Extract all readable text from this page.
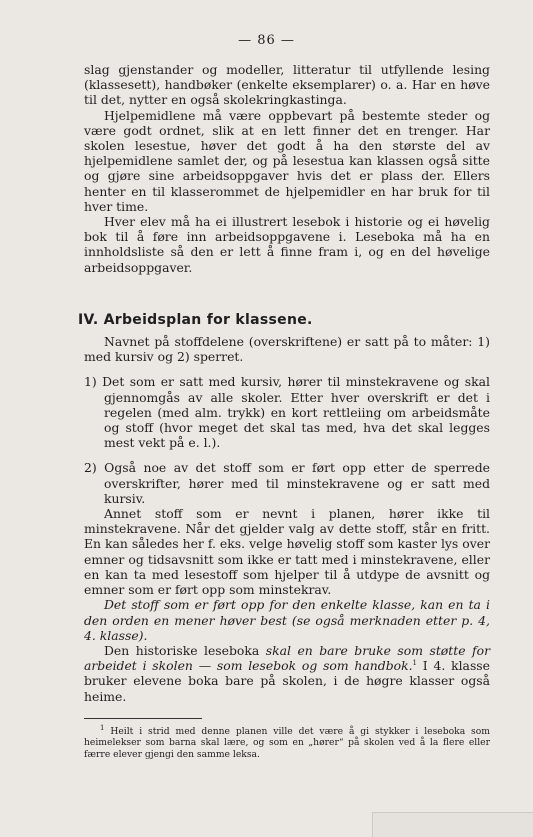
— 86 —

slag gjenstander og modeller, litteratur til utfyllende lesing (klassesett), handbøker (enkelte eksemplarer) o. a. Har en høve til det, nytter en også skolekringkastinga.

Hjelpemidlene må være oppbevart på bestemte steder og være godt ordnet, slik at en lett finner det en trenger. Har skolen lesestue, høver det godt å ha den største del av hjelpemidlene samlet der, og på lesestua kan klassen også sitte og gjøre sine arbeidsoppgaver hvis det er plass der. Ellers henter en til klasserommet de hjelpemidler en har bruk for til hver time.

Hver elev må ha ei illustrert lesebok i historie og ei høvelig bok til å føre inn arbeidsoppgavene i. Leseboka må ha en innholdsliste så den er lett å finne fram i, og en del høvelige arbeidsoppgaver.

IV. Arbeidsplan for klassene.

Navnet på stoffdelene (overskriftene) er satt på to måter: 1) med kursiv og 2) sperret.

1) Det som er satt med kursiv, hører til minstekravene og skal gjennomgås av alle skoler. Etter hver overskrift er det i regelen (med alm. trykk) en kort rettleiing om arbeidsmåte og stoff (hvor meget det skal tas med, hva det skal legges mest vekt på e. l.).

2) Også noe av det stoff som er ført opp etter de sperrede overskrifter, hører med til minstekravene og er satt med kursiv.

Annet stoff som er nevnt i planen, hører ikke til minstekravene. Når det gjelder valg av dette stoff, står en fritt. En kan således her f. eks. velge høvelig stoff som kaster lys over emner og tidsavsnitt som ikke er tatt med i minstekravene, eller en kan ta med lesestoff som hjelper til å utdype de avsnitt og emner som er ført opp som minstekrav.

Det stoff som er ført opp for den enkelte klasse, kan en ta i den orden en mener høver best (se også merknaden etter p. 4, 4. klasse).

Den historiske leseboka skal en bare bruke som støtte for arbeidet i skolen — som lesebok og som handbok.$^1$ I 4. klasse bruker elevene boka bare på skolen, i de høgre klasser også heime.

$^1$ Heilt i strid med denne planen ville det være å gi stykker i leseboka som heimelekser som barna skal lære, og som en „hører“ på skolen ved å la flere eller færre elever gjengi den samme leksa.
